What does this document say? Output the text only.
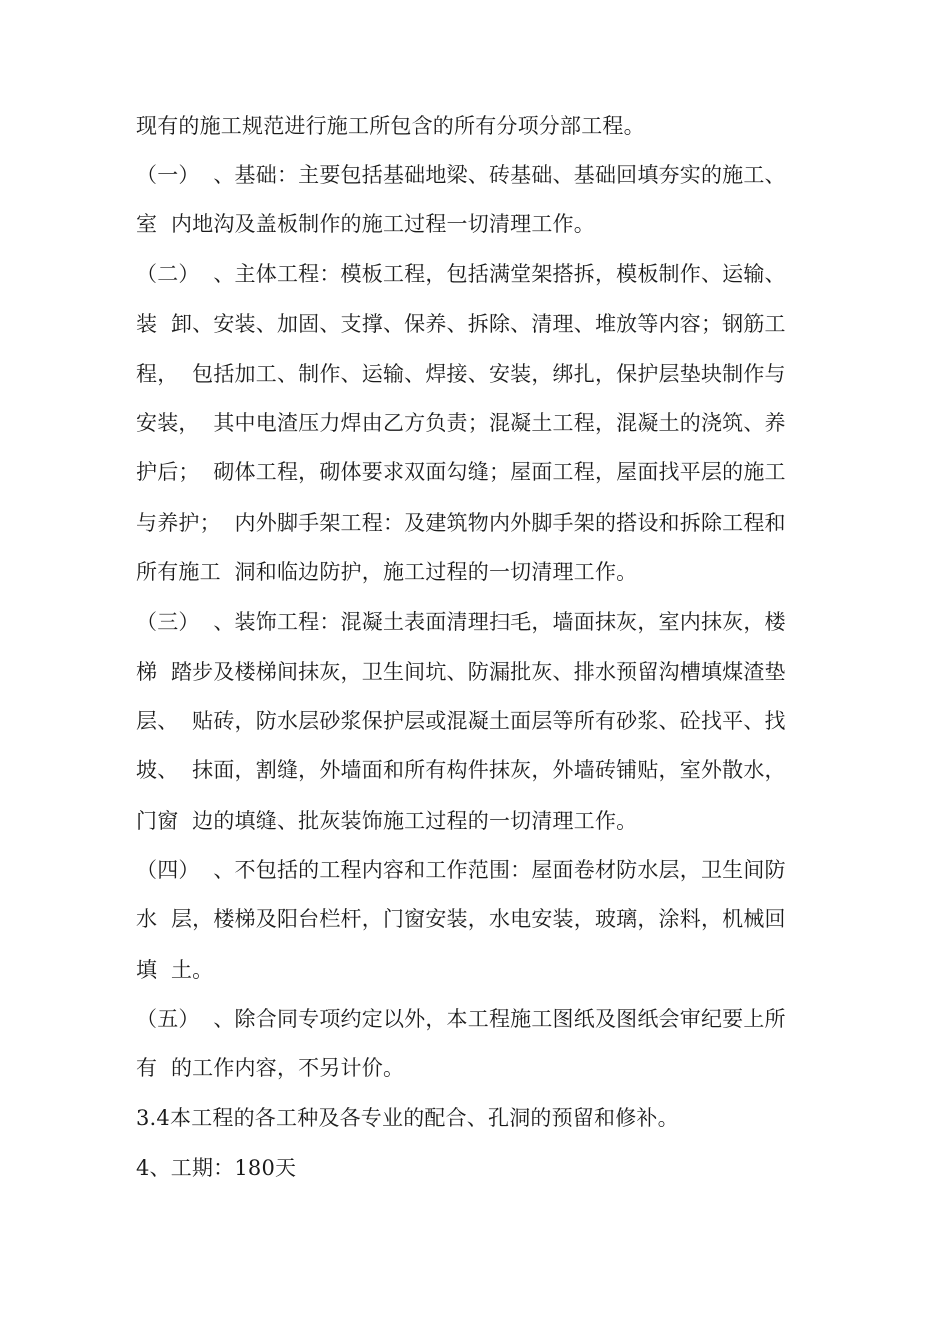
现有的施工规范进行施工所包含的所有分项分部工程。
（一）  、基础：主要包括基础地梁、砖基础、基础回填夯实的施工、
室  内地沟及盖板制作的施工过程一切清理工作。
（二）  、主体工程：模板工程，包括满堂架搭拆，模板制作、运输、
装  卸、安装、加固、支撑、保养、拆除、清理、堆放等内容；钢筋工
程，  包括加工、制作、运输、焊接、安装，绑扎，保护层垫块制作与
安装，  其中电渣压力焊由乙方负责；混凝土工程，混凝土的浇筑、养
护后；  砌体工程，砌体要求双面勾缝；屋面工程，屋面找平层的施工
与养护；  内外脚手架工程：及建筑物内外脚手架的搭设和拆除工程和
所有施工  洞和临边防护，施工过程的一切清理工作。
（三）  、装饰工程：混凝土表面清理扫毛，墙面抹灰，室内抹灰，楼
梯  踏步及楼梯间抹灰，卫生间坑、防漏批灰、排水预留沟槽填煤渣垫
层、  贴砖，防水层砂浆保护层或混凝土面层等所有砂浆、砼找平、找
坡、  抹面，割缝，外墙面和所有构件抹灰，外墙砖铺贴，室外散水，
门窗  边的填缝、批灰装饰施工过程的一切清理工作。
（四）  、不包括的工程内容和工作范围：屋面卷材防水层，卫生间防
水  层，楼梯及阳台栏杆，门窗安装，水电安装，玻璃，涂料，机械回
填  土。
（五）  、除合同专项约定以外，本工程施工图纸及图纸会审纪要上所
有  的工作内容，不另计价。
3.4本工程的各工种及各专业的配合、孔洞的预留和修补。
4、工期：180天
